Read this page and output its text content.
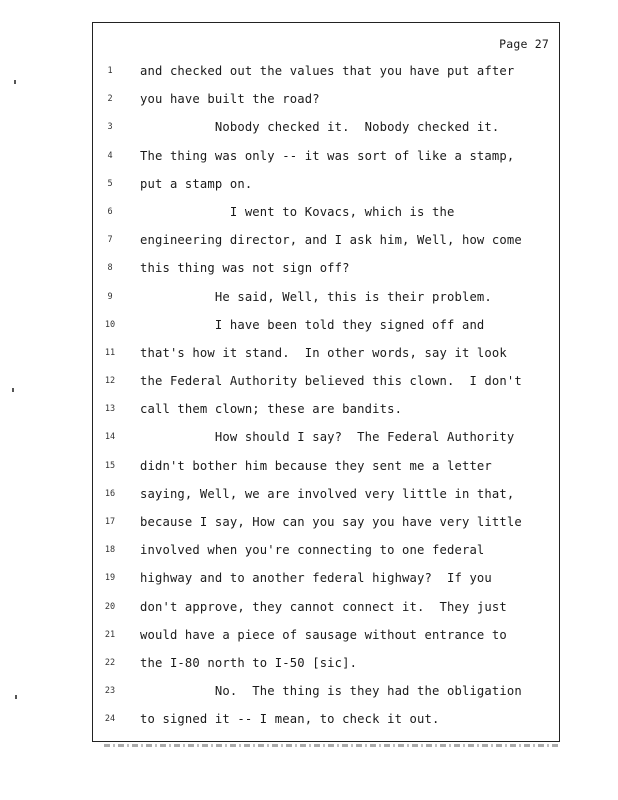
Page 27
1	and checked out the values that you have put after
2	you have built the road?
3	Nobody checked it.  Nobody checked it.
4	The thing was only -- it was sort of like a stamp,
5	put a stamp on.
6	I went to Kovacs, which is the
7	engineering director, and I ask him, Well, how come
8	this thing was not sign off?
9	He said, Well, this is their problem.
10	I have been told they signed off and
11	that's how it stand.  In other words, say it look
12	the Federal Authority believed this clown.  I don't
13	call them clown; these are bandits.
14	How should I say?  The Federal Authority
15	didn't bother him because they sent me a letter
16	saying, Well, we are involved very little in that,
17	because I say, How can you say you have very little
18	involved when you're connecting to one federal
19	highway and to another federal highway?  If you
20	don't approve, they cannot connect it.  They just
21	would have a piece of sausage without entrance to
22	the I-80 north to I-50 [sic].
23	No.  The thing is they had the obligation
24	to signed it -- I mean, to check it out.
